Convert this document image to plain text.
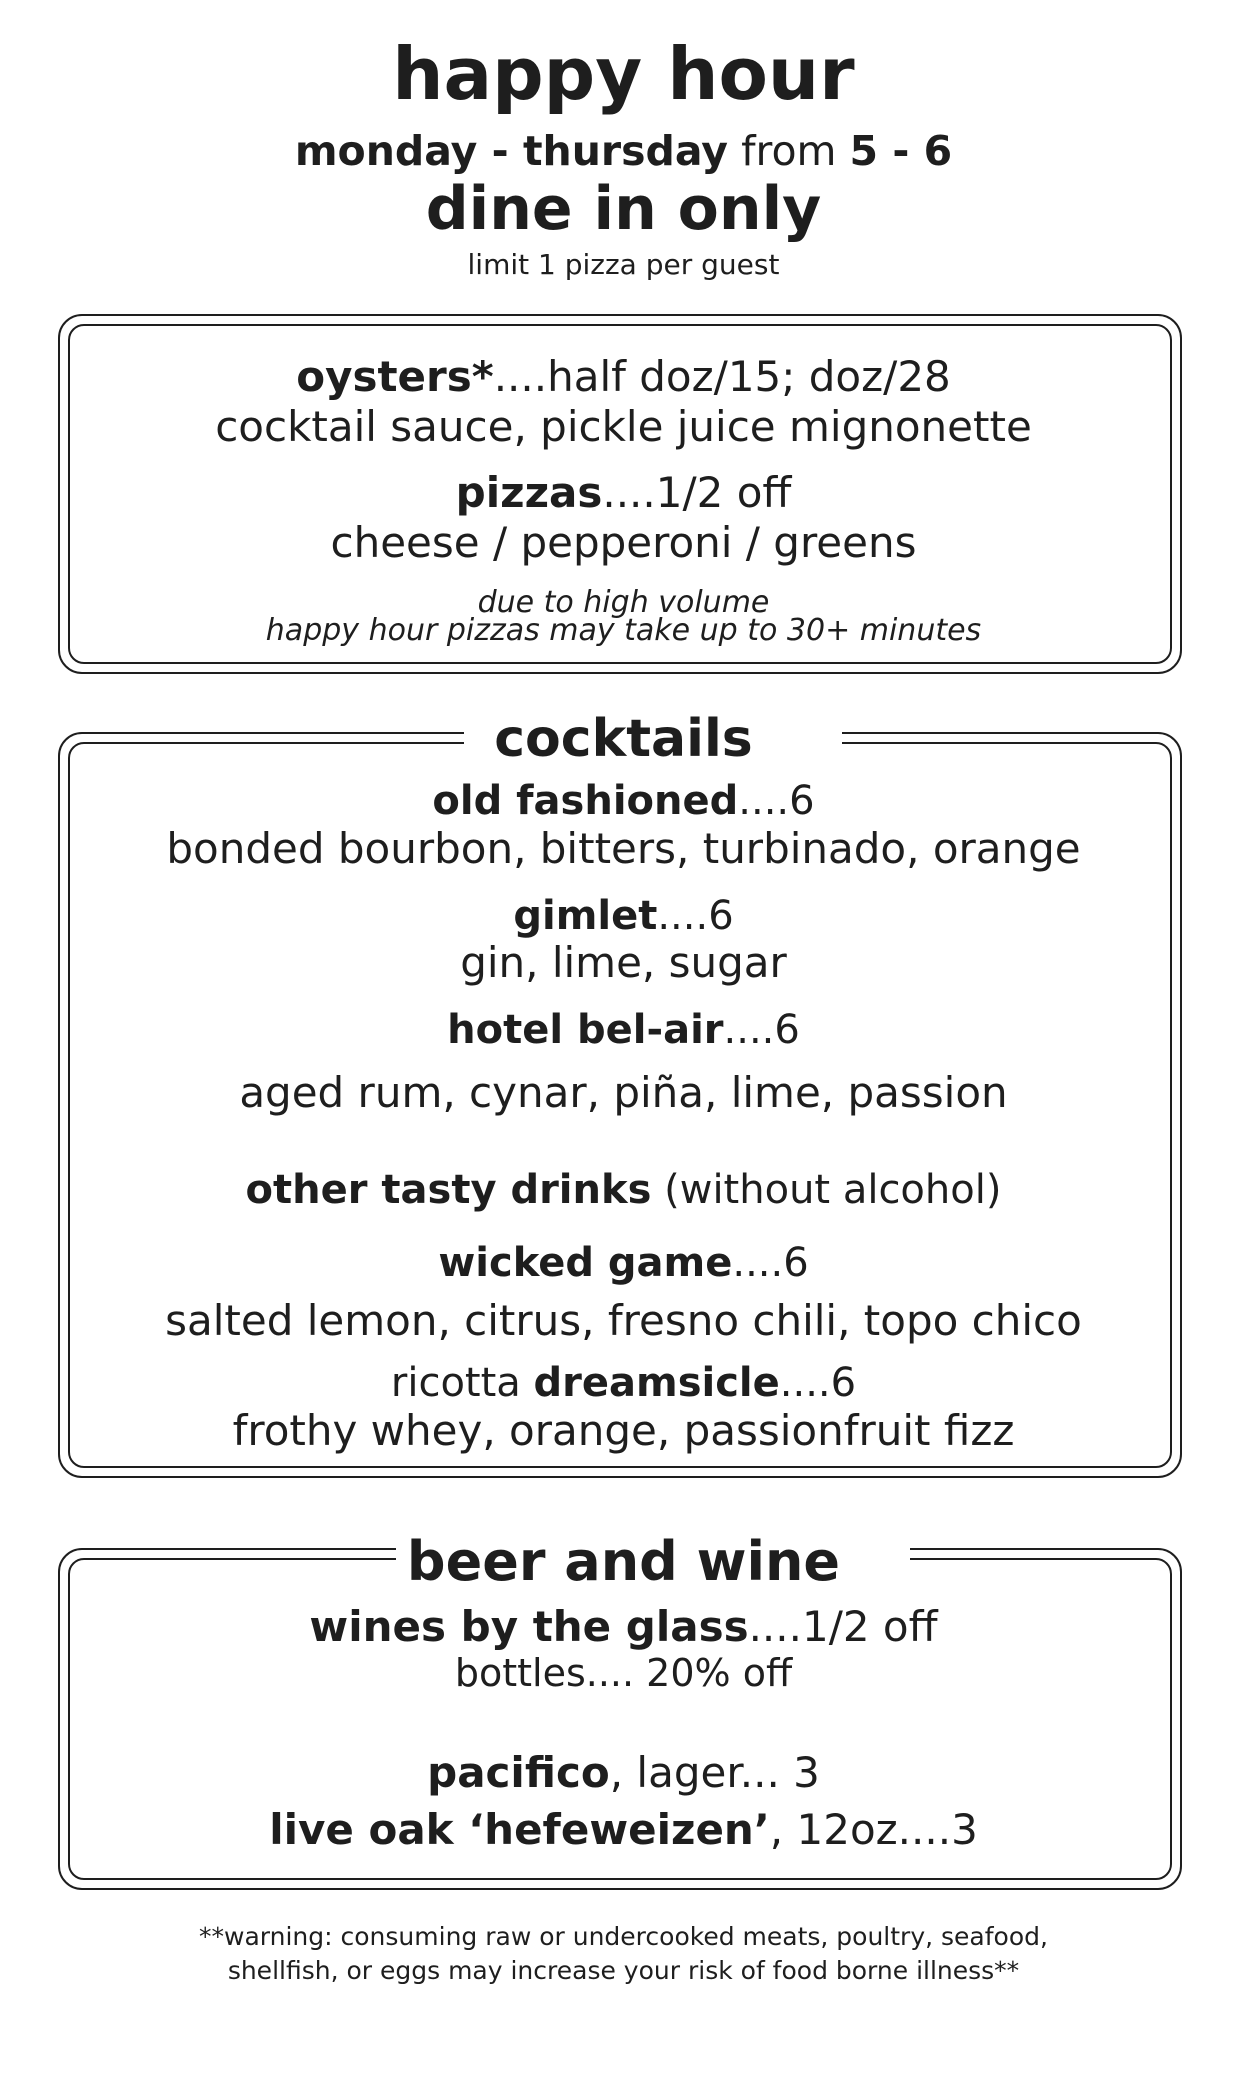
happy hour
monday - thursday from 5 - 6
dine in only
limit 1 pizza per guest
oysters*....half doz/15; doz/28
cocktail sauce, pickle juice mignonette
pizzas....1/2 off
cheese / pepperoni / greens
due to high volume
happy hour pizzas may take up to 30+ minutes
cocktails
old fashioned....6
bonded bourbon, bitters, turbinado, orange
gimlet....6
gin, lime, sugar
hotel bel-air....6
aged rum, cynar, piña, lime, passion
other tasty drinks (without alcohol)
wicked game....6
salted lemon, citrus, fresno chili, topo chico
ricotta dreamsicle....6
frothy whey, orange, passionfruit fizz
beer and wine
wines by the glass....1/2 off
bottles.... 20% off
pacifico, lager... 3
live oak ‘hefeweizen’, 12oz....3
**warning: consuming raw or undercooked meats, poultry, seafood,
shellfish, or eggs may increase your risk of food borne illness**
